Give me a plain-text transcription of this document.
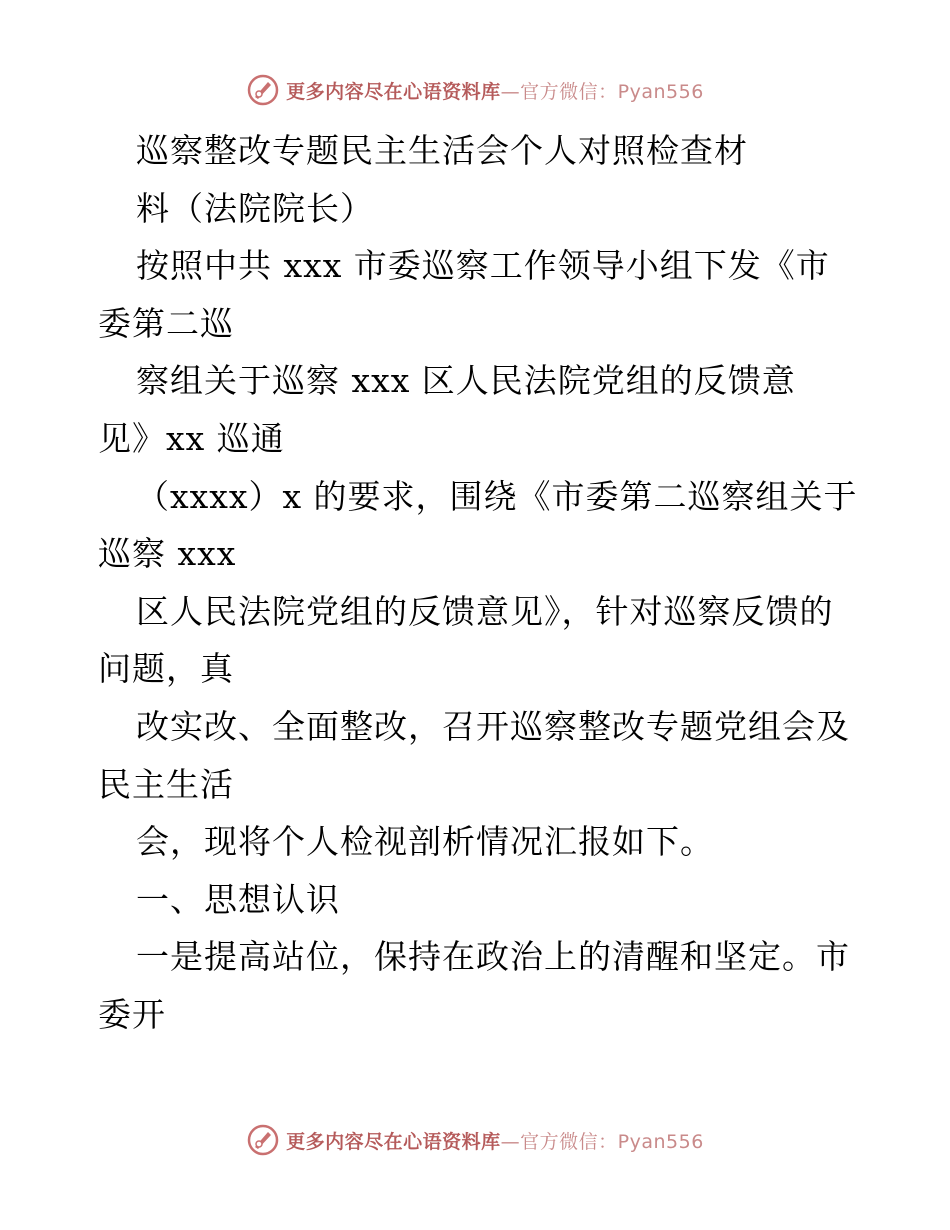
更多内容尽在心语资料库—官方微信：Pyan556
巡察整改专题民主生活会个人对照检查材
料（法院院长）
按照中共 xxx 市委巡察工作领导小组下发《市
委第二巡
察组关于巡察 xxx 区人民法院党组的反馈意
见》xx 巡通
（xxxx）x 的要求，围绕《市委第二巡察组关于
巡察 xxx
区人民法院党组的反馈意见》，针对巡察反馈的
问题，真
改实改、全面整改，召开巡察整改专题党组会及
民主生活
会，现将个人检视剖析情况汇报如下。
一、思想认识
一是提高站位，保持在政治上的清醒和坚定。市
委开
更多内容尽在心语资料库—官方微信：Pyan556
